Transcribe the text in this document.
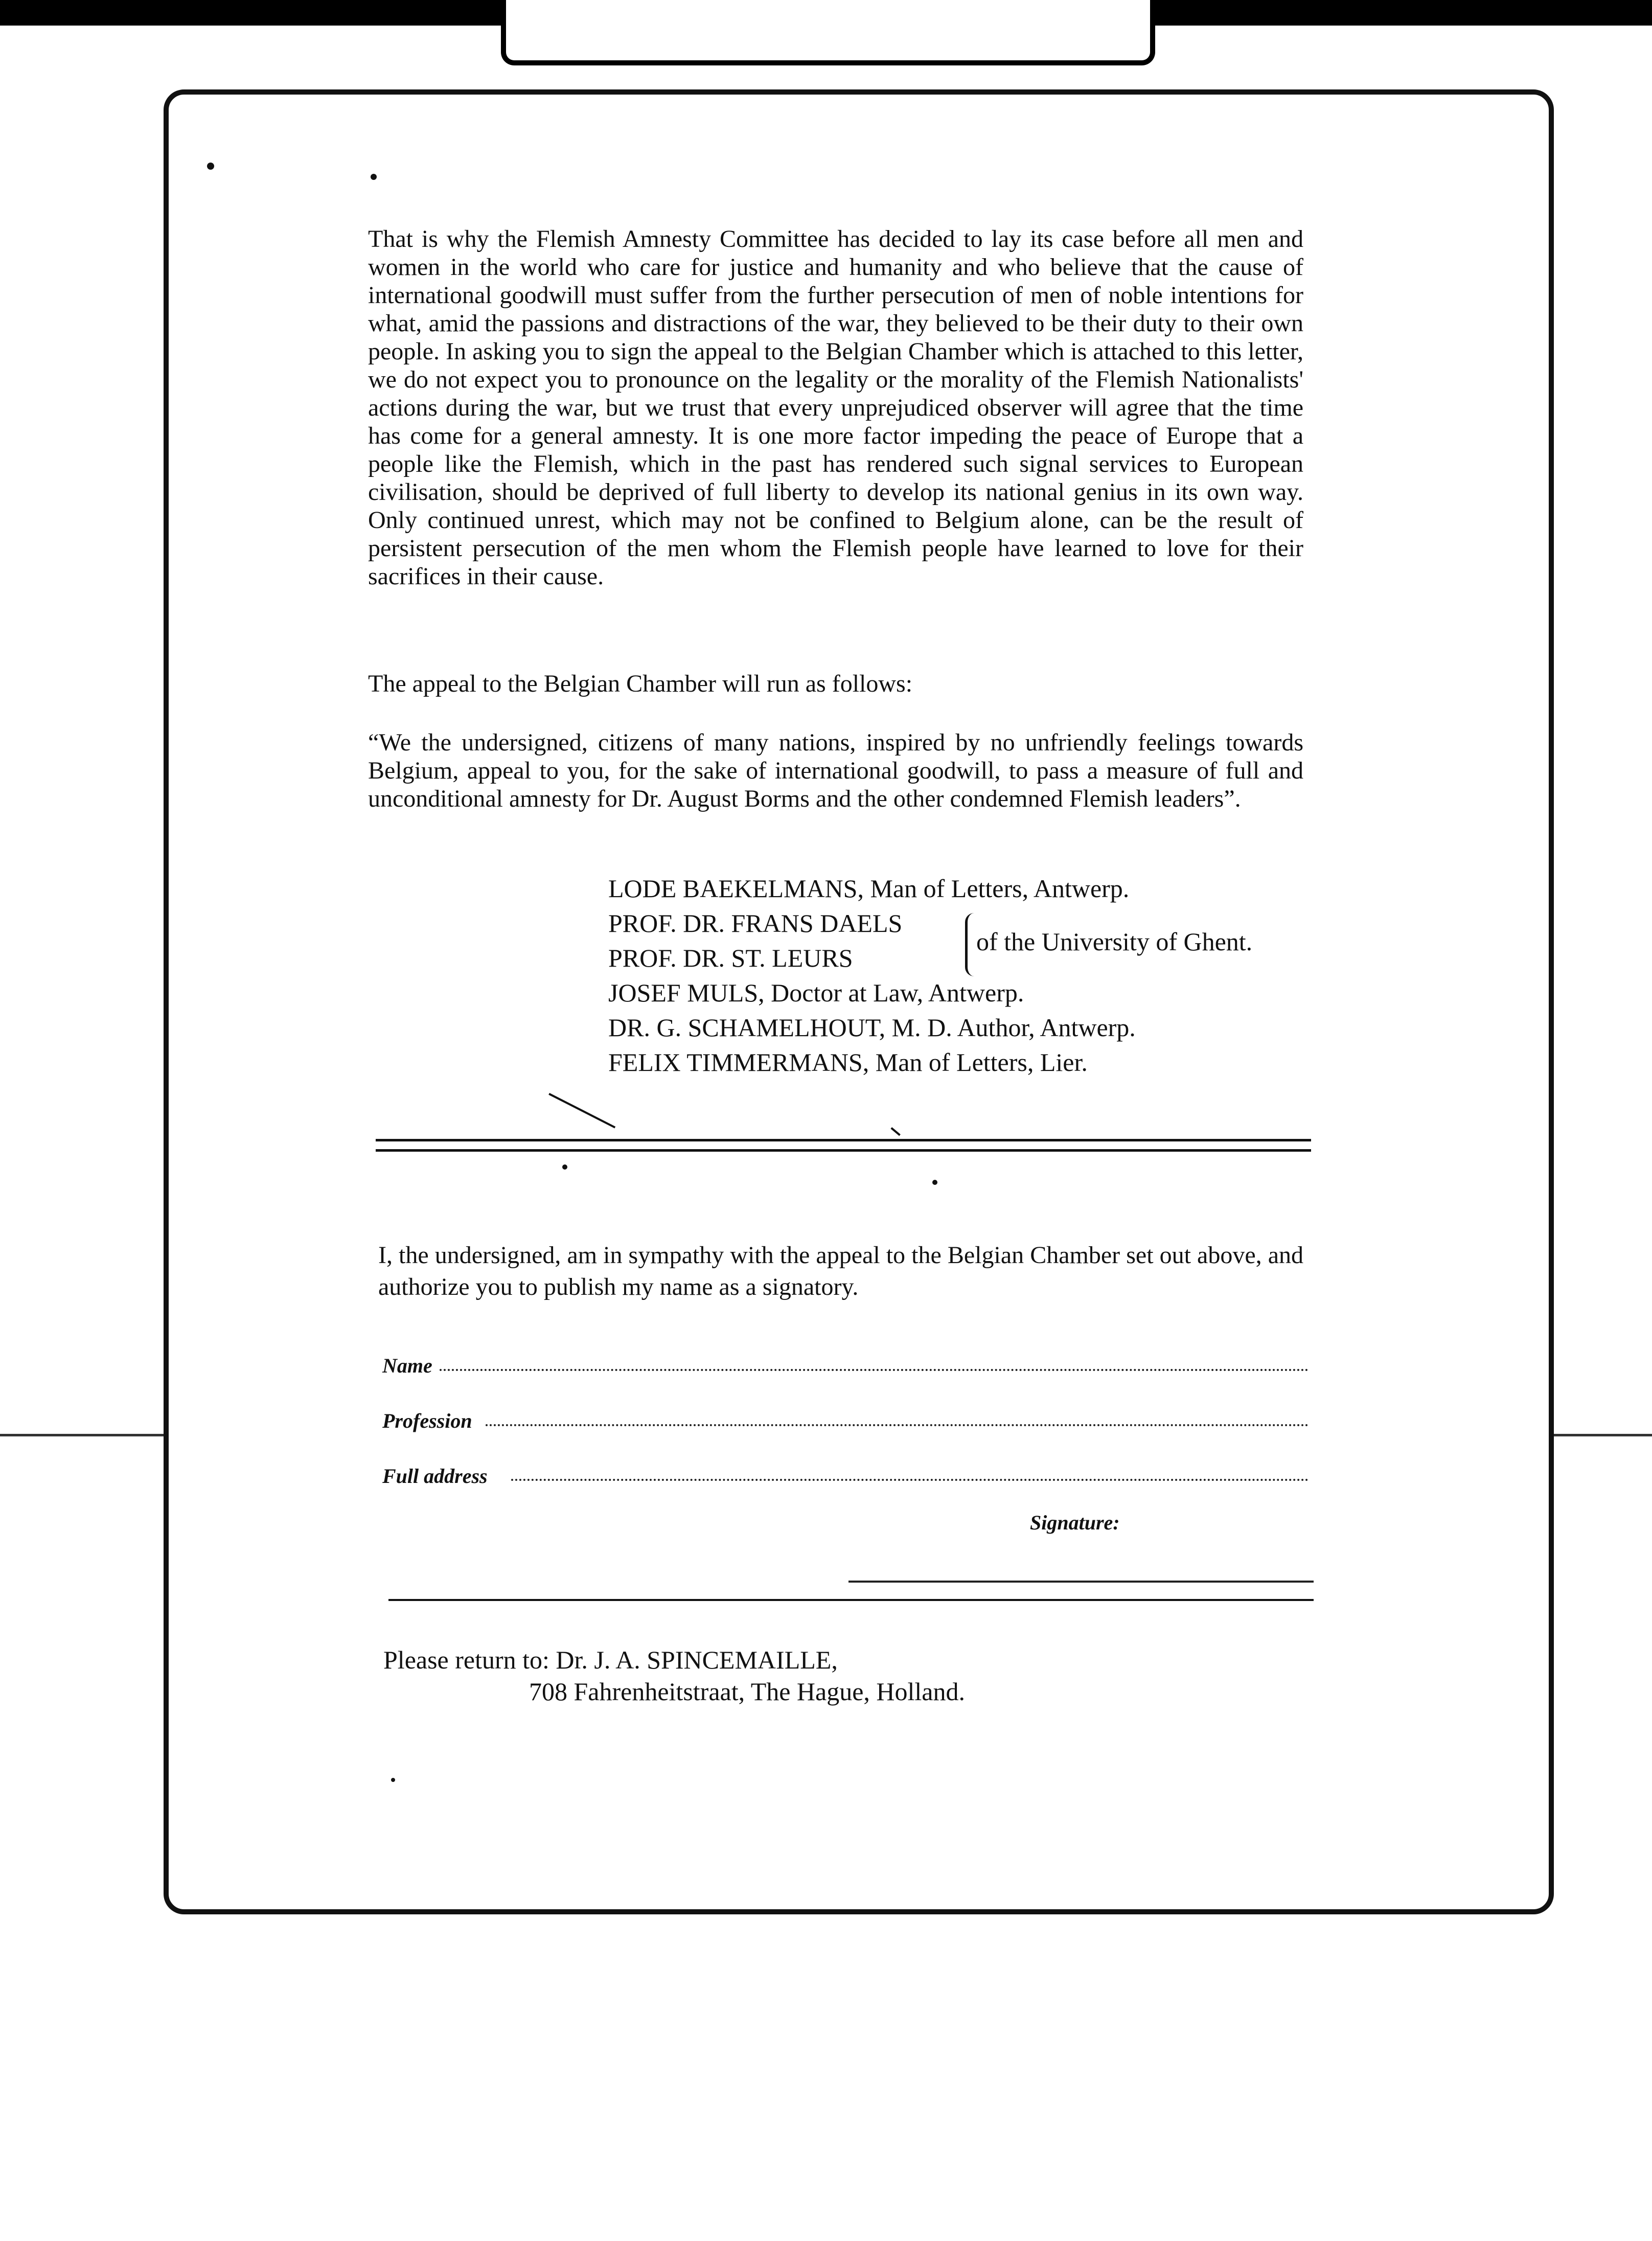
That is why the Flemish Amnesty Committee has decided to lay its case before all men and women in the world who care for justice and humanity and who believe that the cause of international goodwill must suffer from the further persecution of men of noble intentions for what, amid the passions and distractions of the war, they believed to be their duty to their own people. In asking you to sign the appeal to the Belgian Chamber which is attached to this letter, we do not expect you to pronounce on the legality or the morality of the Flemish Nationalists' actions during the war, but we trust that every unprejudiced observer will agree that the time has come for a general amnesty. It is one more factor impeding the peace of Europe that a people like the Flemish, which in the past has rendered such signal services to European civilisation, should be deprived of full liberty to develop its national genius in its own way. Only continued unrest, which may not be confined to Belgium alone, can be the result of persistent persecution of the men whom the Flemish people have learned to love for their sacrifices in their cause.

The appeal to the Belgian Chamber will run as follows:

“We the undersigned, citizens of many nations, inspired by no unfriendly feelings towards Belgium, appeal to you, for the sake of international goodwill, to pass a measure of full and unconditional amnesty for Dr. August Borms and the other condemned Flemish leaders”.

LODE BAEKELMANS, Man of Letters, Antwerp.
PROF. DR. FRANS DAELS
PROF. DR. ST. LEURS
of the University of Ghent.
JOSEF MULS, Doctor at Law, Antwerp.
DR. G. SCHAMELHOUT, M. D. Author, Antwerp.
FELIX TIMMERMANS, Man of Letters, Lier.

I, the undersigned, am in sympathy with the appeal to the Belgian Chamber set out above, and authorize you to publish my name as a signatory.

Name
Profession
Full address
Signature:
Please return to: Dr. J. A. SPINCEMAILLE,
708 Fahrenheitstraat, The Hague, Holland.
